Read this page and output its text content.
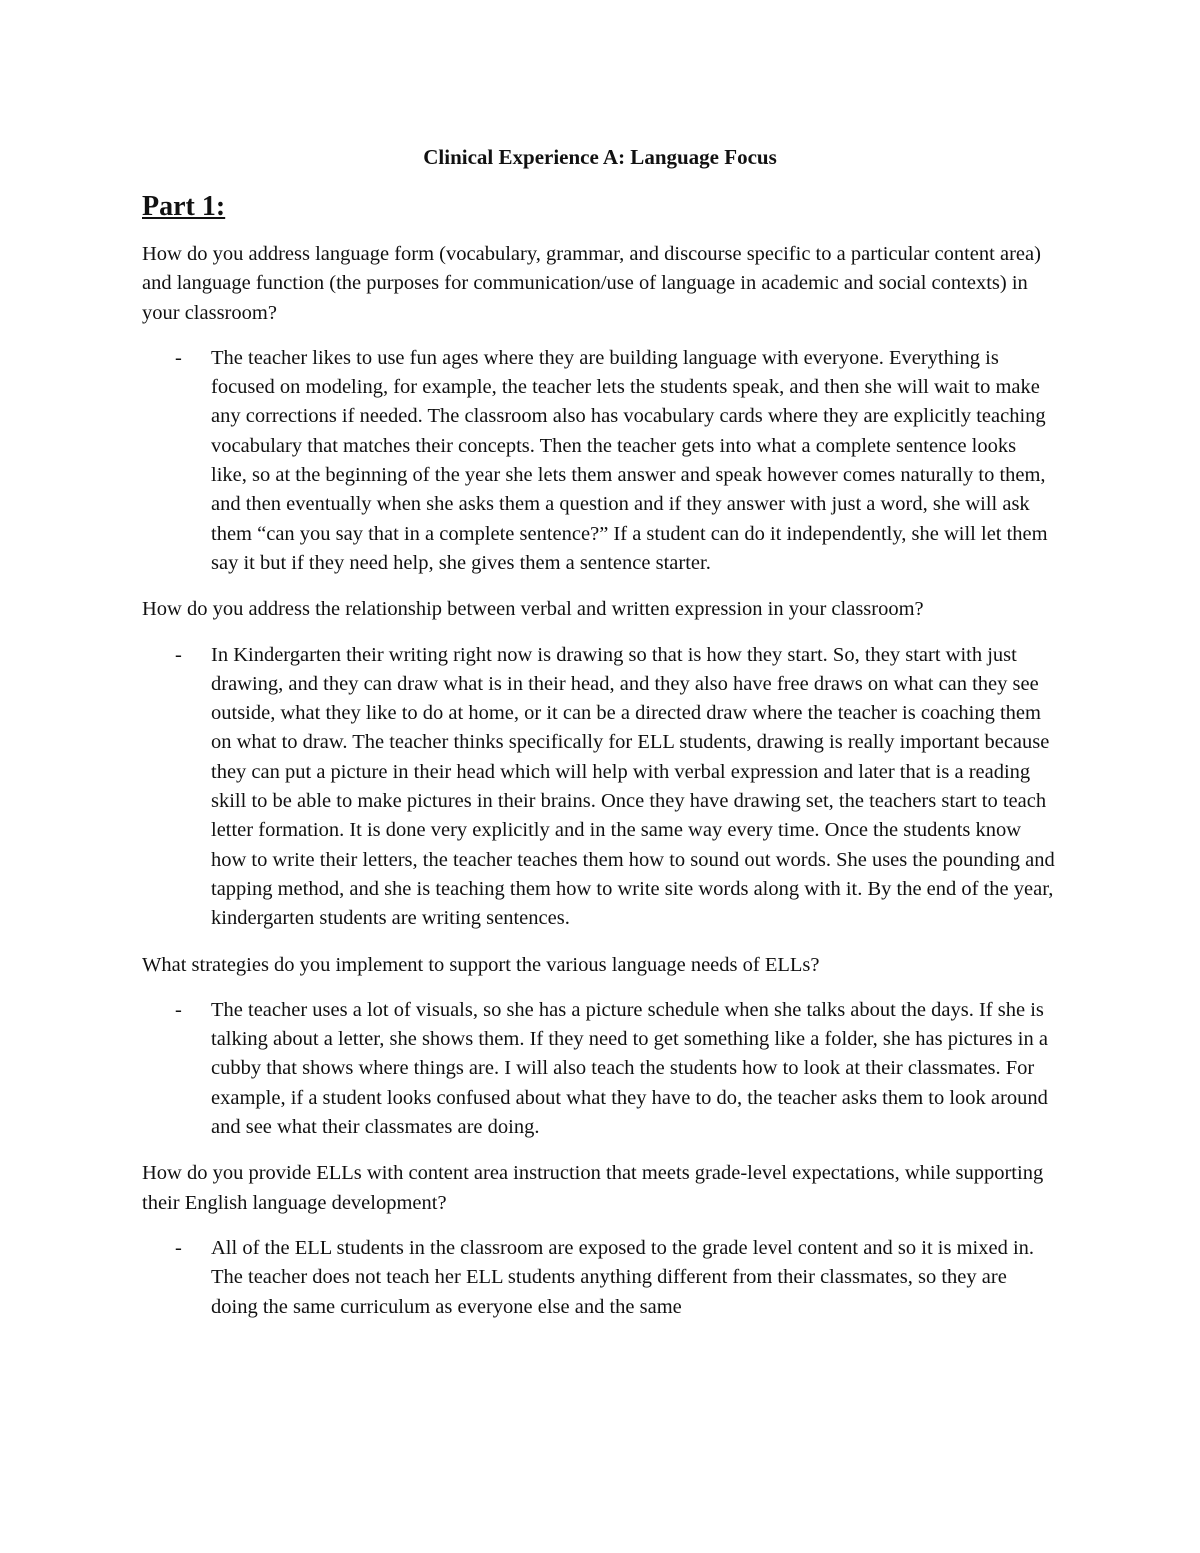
Clinical Experience A: Language Focus
Part 1:

How do you address language form (vocabulary, grammar, and discourse specific to a particular content area) and language function (the purposes for communication/use of language in academic and social contexts) in your classroom?

- The teacher likes to use fun ages where they are building language with everyone. Everything is focused on modeling, for example, the teacher lets the students speak, and then she will wait to make any corrections if needed. The classroom also has vocabulary cards where they are explicitly teaching vocabulary that matches their concepts. Then the teacher gets into what a complete sentence looks like, so at the beginning of the year she lets them answer and speak however comes naturally to them, and then eventually when she asks them a question and if they answer with just a word, she will ask them “can you say that in a complete sentence?” If a student can do it independently, she will let them say it but if they need help, she gives them a sentence starter.

How do you address the relationship between verbal and written expression in your classroom?

- In Kindergarten their writing right now is drawing so that is how they start. So, they start with just drawing, and they can draw what is in their head, and they also have free draws on what can they see outside, what they like to do at home, or it can be a directed draw where the teacher is coaching them on what to draw. The teacher thinks specifically for ELL students, drawing is really important because they can put a picture in their head which will help with verbal expression and later that is a reading skill to be able to make pictures in their brains. Once they have drawing set, the teachers start to teach letter formation. It is done very explicitly and in the same way every time. Once the students know how to write their letters, the teacher teaches them how to sound out words. She uses the pounding and tapping method, and she is teaching them how to write site words along with it. By the end of the year, kindergarten students are writing sentences.

What strategies do you implement to support the various language needs of ELLs?

- The teacher uses a lot of visuals, so she has a picture schedule when she talks about the days. If she is talking about a letter, she shows them. If they need to get something like a folder, she has pictures in a cubby that shows where things are. I will also teach the students how to look at their classmates. For example, if a student looks confused about what they have to do, the teacher asks them to look around and see what their classmates are doing.

How do you provide ELLs with content area instruction that meets grade-level expectations, while supporting their English language development?

- All of the ELL students in the classroom are exposed to the grade level content and so it is mixed in. The teacher does not teach her ELL students anything different from their classmates, so they are doing the same curriculum as everyone else and the same
